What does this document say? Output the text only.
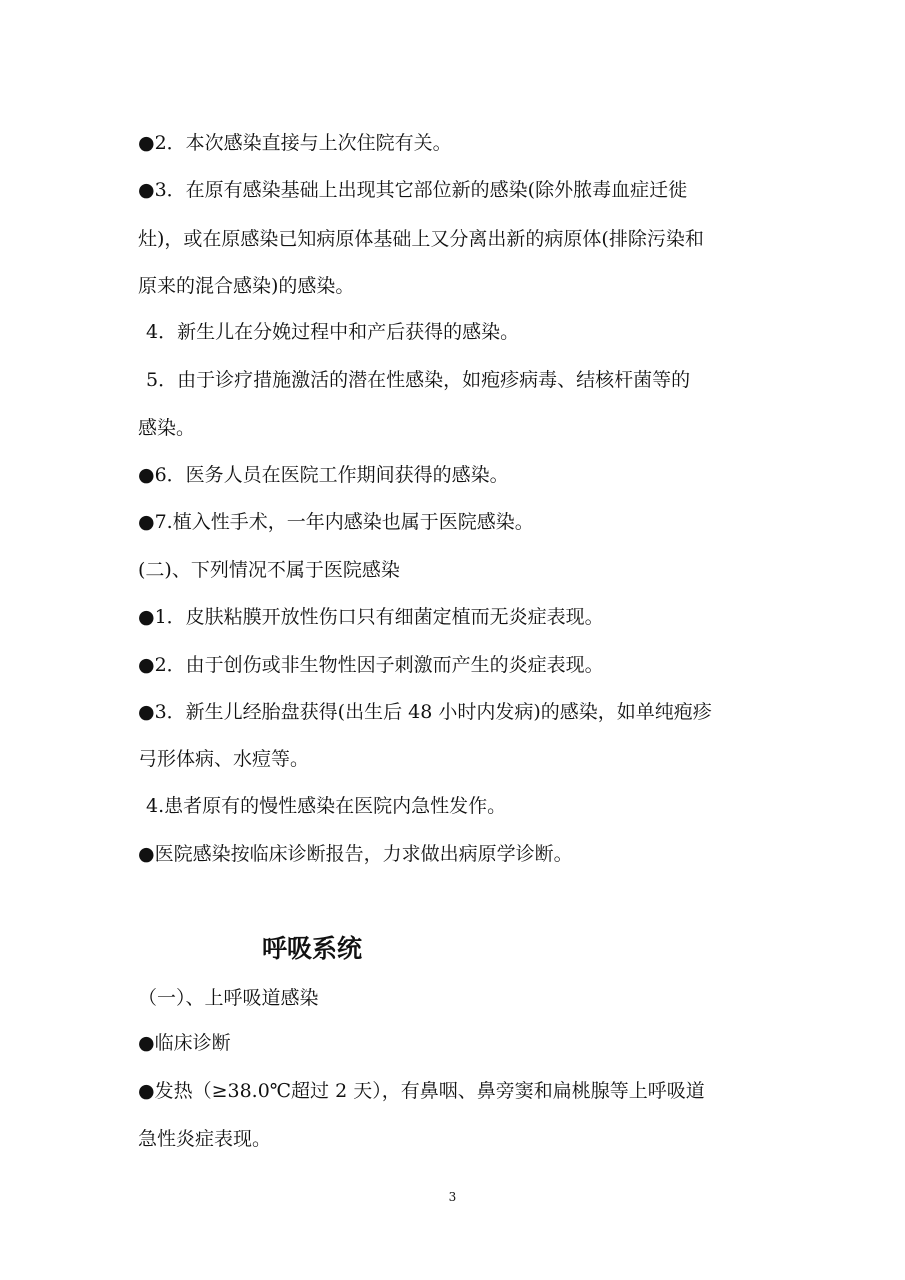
●2．本次感染直接与上次住院有关。
●3．在原有感染基础上出现其它部位新的感染(除外脓毒血症迁徙
灶)，或在原感染已知病原体基础上又分离出新的病原体(排除污染和
原来的混合感染)的感染。
4．新生儿在分娩过程中和产后获得的感染。
5．由于诊疗措施激活的潜在性感染，如疱疹病毒、结核杆菌等的
感染。
●6．医务人员在医院工作期间获得的感染。
●7.植入性手术，一年内感染也属于医院感染。
(二)、下列情况不属于医院感染
●1．皮肤粘膜开放性伤口只有细菌定植而无炎症表现。
●2．由于创伤或非生物性因子刺激而产生的炎症表现。
●3．新生儿经胎盘获得(出生后 48 小时内发病)的感染，如单纯疱疹
弓形体病、水痘等。
4.患者原有的慢性感染在医院内急性发作。
●医院感染按临床诊断报告，力求做出病原学诊断。
呼吸系统
（一）、上呼吸道感染
●临床诊断
●发热（≥38.0℃超过 2 天），有鼻咽、鼻旁窦和扁桃腺等上呼吸道
急性炎症表现。
3
